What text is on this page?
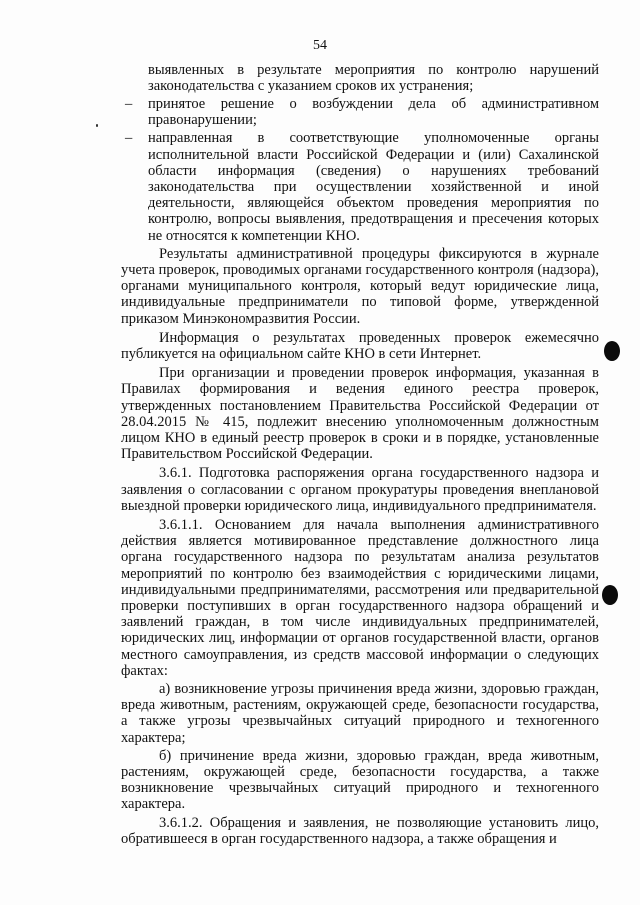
54

выявленных в результате мероприятия по контролю нарушений законодательства с указанием сроков их устранения;

–	принятое решение о возбуждении дела об административном правонарушении;
–	направленная в соответствующие уполномоченные органы исполнительной власти Российской Федерации и (или) Сахалинской области информация (сведения) о нарушениях требований законодательства при осуществлении хозяйственной и иной деятельности, являющейся объектом проведения мероприятия по контролю, вопросы выявления, предотвращения и пресечения которых не относятся к компетенции КНО.

Результаты административной процедуры фиксируются в журнале учета проверок, проводимых органами государственного контроля (надзора), органами муниципального контроля, который ведут юридические лица, индивидуальные предприниматели по типовой форме, утвержденной приказом Минэкономразвития России.

Информация о результатах проведенных проверок ежемесячно публикуется на официальном сайте КНО в сети Интернет.

При организации и проведении проверок информация, указанная в Правилах формирования и ведения единого реестра проверок, утвержденных постановлением Правительства Российской Федерации от 28.04.2015 № 415, подлежит внесению уполномоченным должностным лицом КНО в единый реестр проверок в сроки и в порядке, установленные Правительством Российской Федерации.

3.6.1. Подготовка распоряжения органа государственного надзора и заявления о согласовании с органом прокуратуры проведения внеплановой выездной проверки юридического лица, индивидуального предпринимателя.

3.6.1.1. Основанием для начала выполнения административного действия является мотивированное представление должностного лица органа государственного надзора по результатам анализа результатов мероприятий по контролю без взаимодействия с юридическими лицами, индивидуальными предпринимателями, рассмотрения или предварительной проверки поступивших в орган государственного надзора обращений и заявлений граждан, в том числе индивидуальных предпринимателей, юридических лиц, информации от органов государственной власти, органов местного самоуправления, из средств массовой информации о следующих фактах:

а) возникновение угрозы причинения вреда жизни, здоровью граждан, вреда животным, растениям, окружающей среде, безопасности государства, а также угрозы чрезвычайных ситуаций природного и техногенного характера;

б) причинение вреда жизни, здоровью граждан, вреда животным, растениям, окружающей среде, безопасности государства, а также возникновение чрезвычайных ситуаций природного и техногенного характера.

3.6.1.2. Обращения и заявления, не позволяющие установить лицо, обратившееся в орган государственного надзора, а также обращения и
